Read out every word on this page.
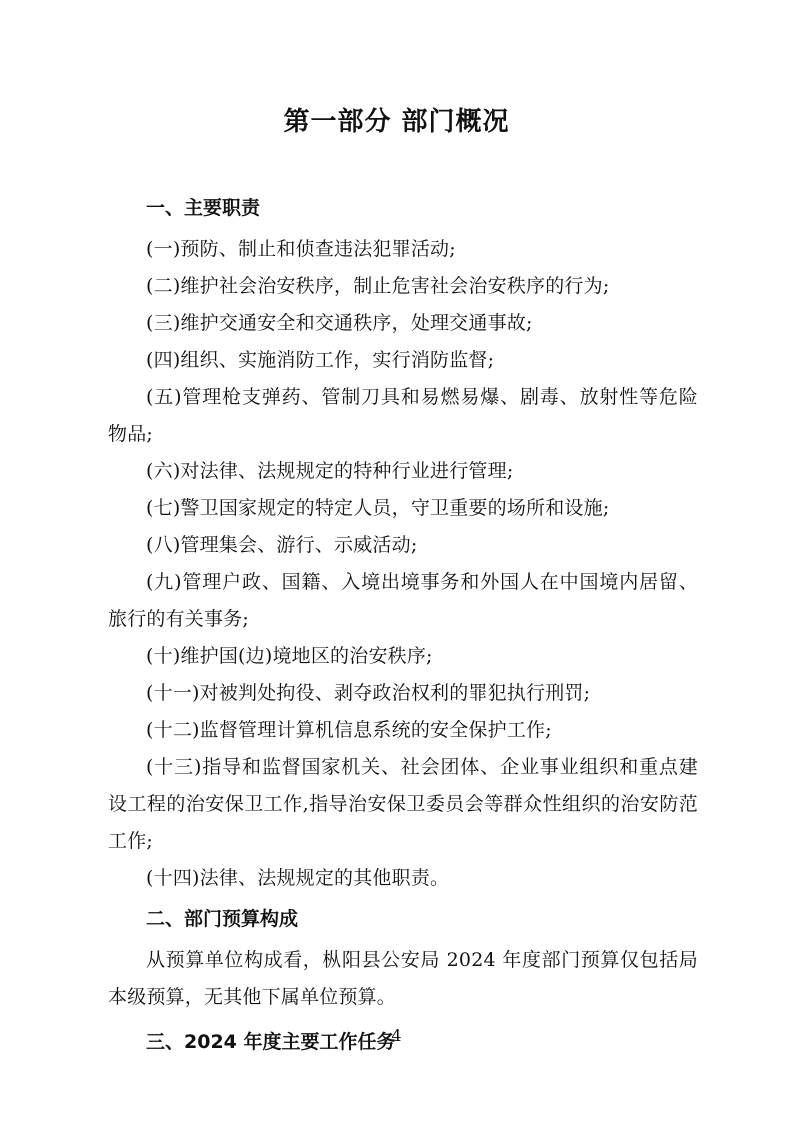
第一部分 部门概况
一、主要职责

(一)预防、制止和侦查违法犯罪活动;

(二)维护社会治安秩序，制止危害社会治安秩序的行为;

(三)维护交通安全和交通秩序，处理交通事故;

(四)组织、实施消防工作，实行消防监督;

(五)管理枪支弹药、管制刀具和易燃易爆、剧毒、放射性等危险物品;

(六)对法律、法规规定的特种行业进行管理;

(七)警卫国家规定的特定人员，守卫重要的场所和设施;

(八)管理集会、游行、示威活动;

(九)管理户政、国籍、入境出境事务和外国人在中国境内居留、旅行的有关事务;

(十)维护国(边)境地区的治安秩序;

(十一)对被判处拘役、剥夺政治权利的罪犯执行刑罚;

(十二)监督管理计算机信息系统的安全保护工作;

(十三)指导和监督国家机关、社会团体、企业事业组织和重点建设工程的治安保卫工作,指导治安保卫委员会等群众性组织的治安防范工作;

(十四)法律、法规规定的其他职责。

二、部门预算构成

从预算单位构成看，枞阳县公安局 2024 年度部门预算仅包括局本级预算，无其他下属单位预算。

三、2024 年度主要工作任务
4
